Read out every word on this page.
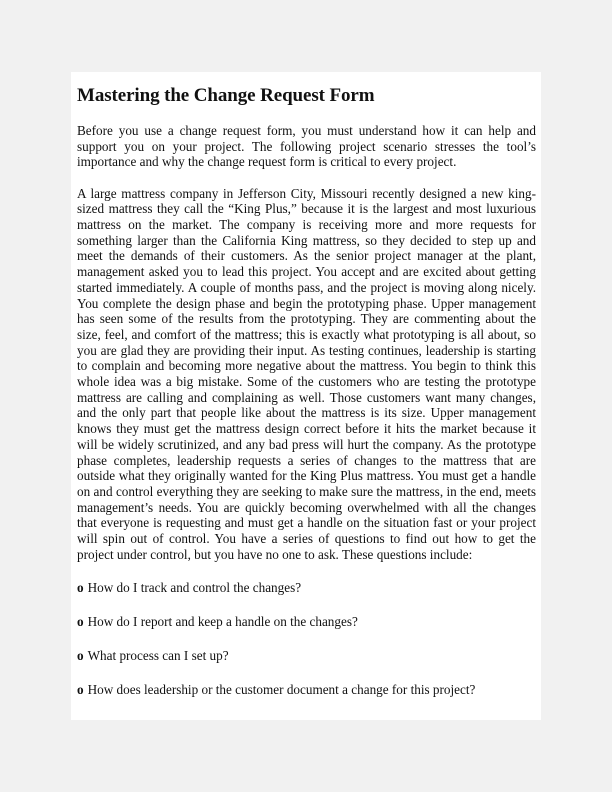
Mastering the Change Request Form

Before you use a change request form, you must understand how it can help and support you on your project. The following project scenario stresses the tool’s importance and why the change request form is critical to every project.

A large mattress company in Jefferson City, Missouri recently designed a new king-sized mattress they call the “King Plus,” because it is the largest and most luxurious mattress on the market. The company is receiving more and more requests for something larger than the California King mattress, so they decided to step up and meet the demands of their customers. As the senior project manager at the plant, management asked you to lead this project. You accept and are excited about getting started immediately. A couple of months pass, and the project is moving along nicely. You complete the design phase and begin the prototyping phase. Upper management has seen some of the results from the prototyping. They are commenting about the size, feel, and comfort of the mattress; this is exactly what prototyping is all about, so you are glad they are providing their input. As testing continues, leadership is starting to complain and becoming more negative about the mattress. You begin to think this whole idea was a big mistake. Some of the customers who are testing the prototype mattress are calling and complaining as well. Those customers want many changes, and the only part that people like about the mattress is its size. Upper management knows they must get the mattress design correct before it hits the market because it will be widely scrutinized, and any bad press will hurt the company. As the prototype phase completes, leadership requests a series of changes to the mattress that are outside what they originally wanted for the King Plus mattress. You must get a handle on and control everything they are seeking to make sure the mattress, in the end, meets management’s needs. You are quickly becoming overwhelmed with all the changes that everyone is requesting and must get a handle on the situation fast or your project will spin out of control. You have a series of questions to find out how to get the project under control, but you have no one to ask. These questions include:

o How do I track and control the changes?
o How do I report and keep a handle on the changes?
o What process can I set up?
o How does leadership or the customer document a change for this project?
